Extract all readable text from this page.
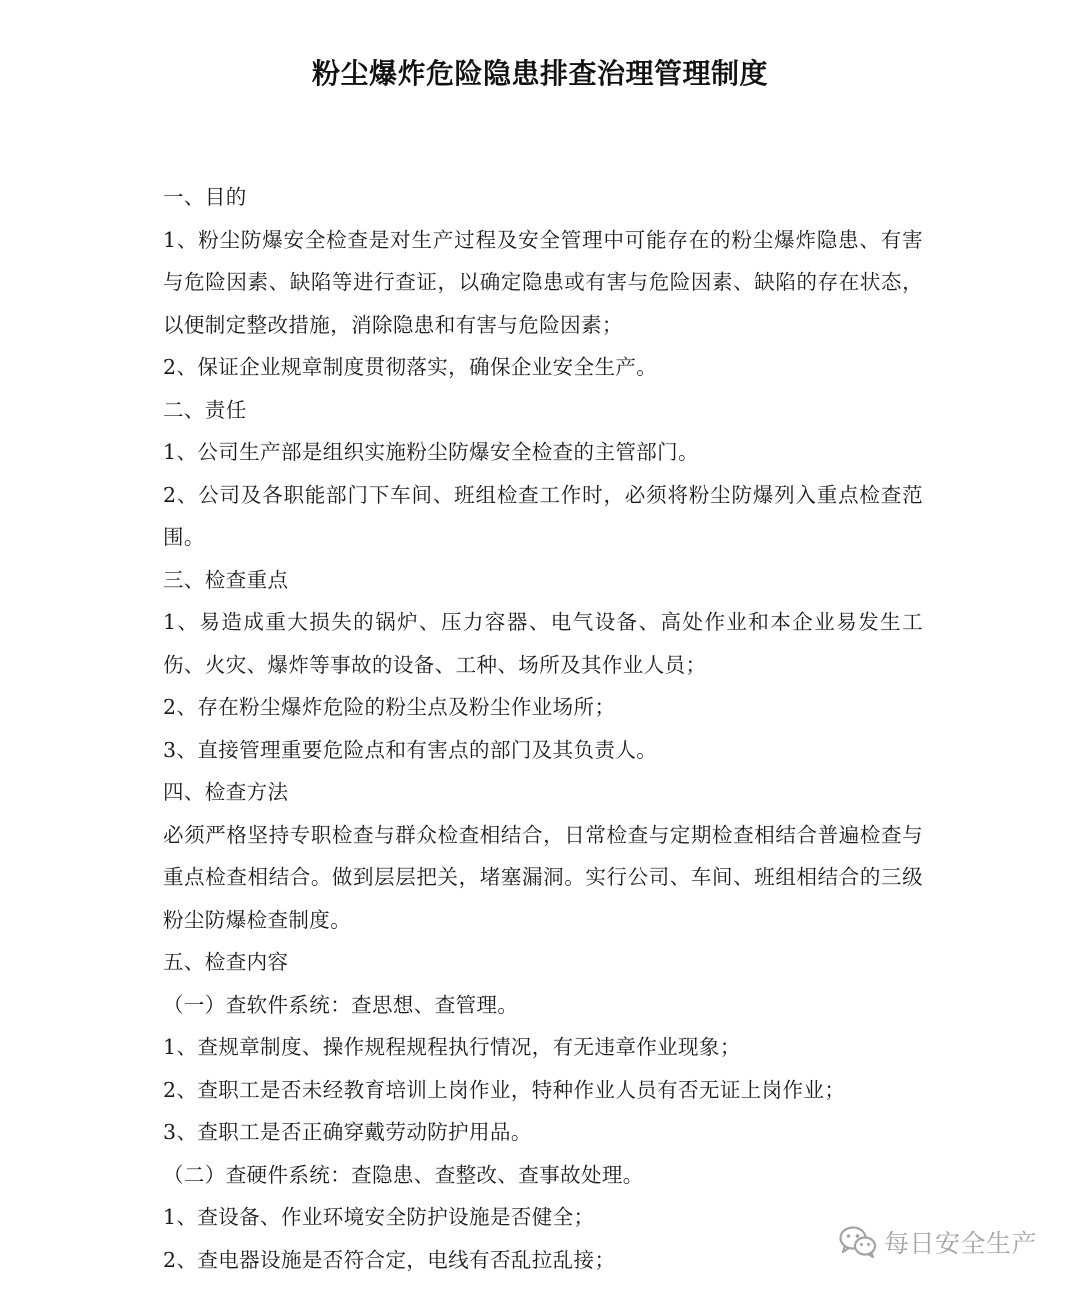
粉尘爆炸危险隐患排查治理管理制度

一、目的

1、粉尘防爆安全检查是对生产过程及安全管理中可能存在的粉尘爆炸隐患、有害与危险因素、缺陷等进行查证，以确定隐患或有害与危险因素、缺陷的存在状态，以便制定整改措施，消除隐患和有害与危险因素；

2、保证企业规章制度贯彻落实，确保企业安全生产。

二、责任

1、公司生产部是组织实施粉尘防爆安全检查的主管部门。

2、公司及各职能部门下车间、班组检查工作时，必须将粉尘防爆列入重点检查范围。

三、检查重点

1、易造成重大损失的锅炉、压力容器、电气设备、高处作业和本企业易发生工伤、火灾、爆炸等事故的设备、工种、场所及其作业人员；

2、存在粉尘爆炸危险的粉尘点及粉尘作业场所；

3、直接管理重要危险点和有害点的部门及其负责人。

四、检查方法

必须严格坚持专职检查与群众检查相结合，日常检查与定期检查相结合普遍检查与重点检查相结合。做到层层把关，堵塞漏洞。实行公司、车间、班组相结合的三级粉尘防爆检查制度。

五、检查内容

（一）查软件系统：查思想、查管理。

1、查规章制度、操作规程规程执行情况，有无违章作业现象；

2、查职工是否未经教育培训上岗作业，特种作业人员有否无证上岗作业；

3、查职工是否正确穿戴劳动防护用品。

（二）查硬件系统：查隐患、查整改、查事故处理。

1、查设备、作业环境安全防护设施是否健全；

2、查电器设施是否符合定，电线有否乱拉乱接；

每日安全生产
